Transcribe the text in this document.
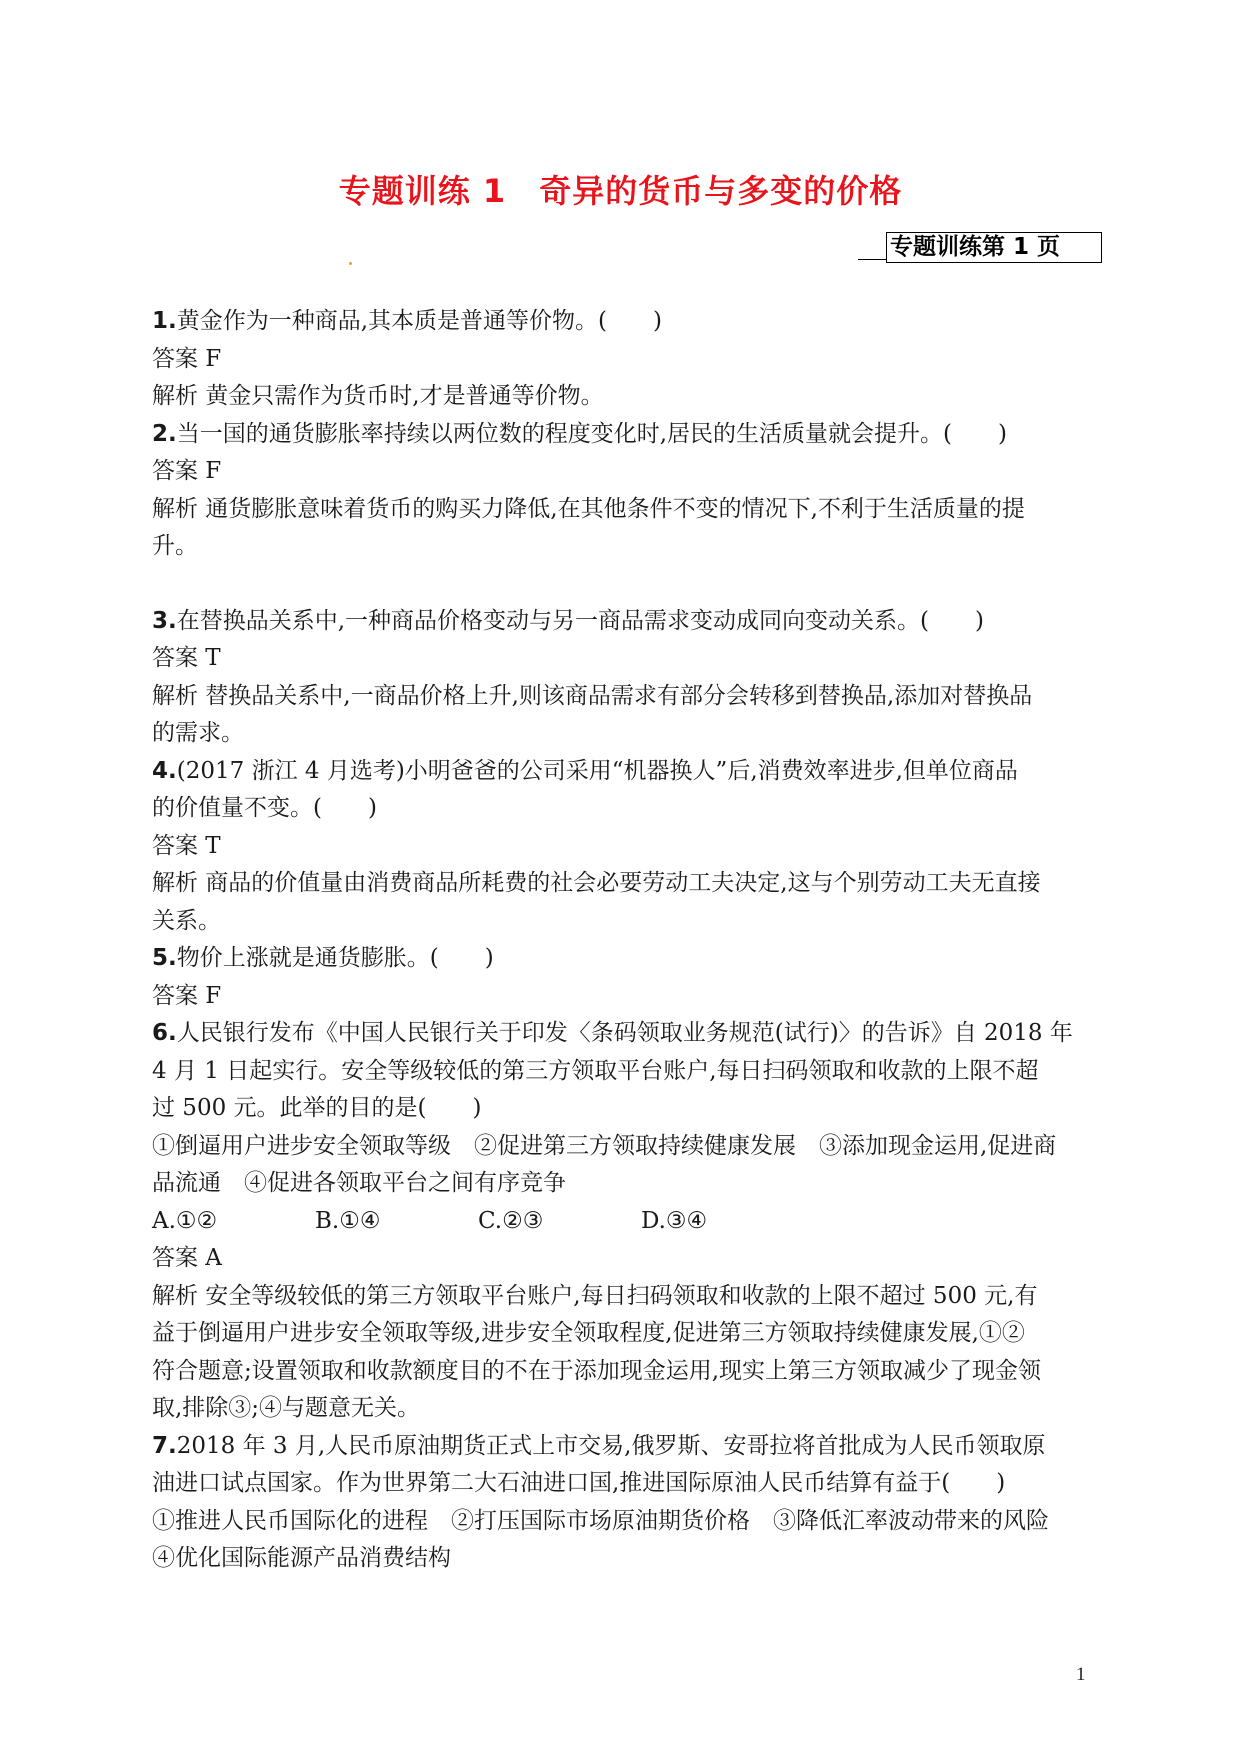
专题训练 1　奇异的货币与多变的价格
专题训练第 1 页
1.黄金作为一种商品,其本质是普通等价物。(　　)
答案 F
解析 黄金只需作为货币时,才是普通等价物。
2.当一国的通货膨胀率持续以两位数的程度变化时,居民的生活质量就会提升。(　　)
答案 F
解析 通货膨胀意味着货币的购买力降低,在其他条件不变的情况下,不利于生活质量的提
升。
3.在替换品关系中,一种商品价格变动与另一商品需求变动成同向变动关系。(　　)
答案 T
解析 替换品关系中,一商品价格上升,则该商品需求有部分会转移到替换品,添加对替换品
的需求。
4.(2017 浙江 4 月选考)小明爸爸的公司采用“机器换人”后,消费效率进步,但单位商品
的价值量不变。(　　)
答案 T
解析 商品的价值量由消费商品所耗费的社会必要劳动工夫决定,这与个别劳动工夫无直接
关系。
5.物价上涨就是通货膨胀。(　　)
答案 F
6.人民银行发布《中国人民银行关于印发〈条码领取业务规范(试行)〉的告诉》自 2018 年
4 月 1 日起实行。安全等级较低的第三方领取平台账户,每日扫码领取和收款的上限不超
过 500 元。此举的目的是(　　)
①倒逼用户进步安全领取等级　②促进第三方领取持续健康发展　③添加现金运用,促进商
品流通　④促进各领取平台之间有序竞争
A.①②	B.①④	C.②③	D.③④
答案 A
解析 安全等级较低的第三方领取平台账户,每日扫码领取和收款的上限不超过 500 元,有
益于倒逼用户进步安全领取等级,进步安全领取程度,促进第三方领取持续健康发展,①②
符合题意;设置领取和收款额度目的不在于添加现金运用,现实上第三方领取减少了现金领
取,排除③;④与题意无关。
7.2018 年 3 月,人民币原油期货正式上市交易,俄罗斯、安哥拉将首批成为人民币领取原
油进口试点国家。作为世界第二大石油进口国,推进国际原油人民币结算有益于(　　)
①推进人民币国际化的进程　②打压国际市场原油期货价格　③降低汇率波动带来的风险
④优化国际能源产品消费结构
1
